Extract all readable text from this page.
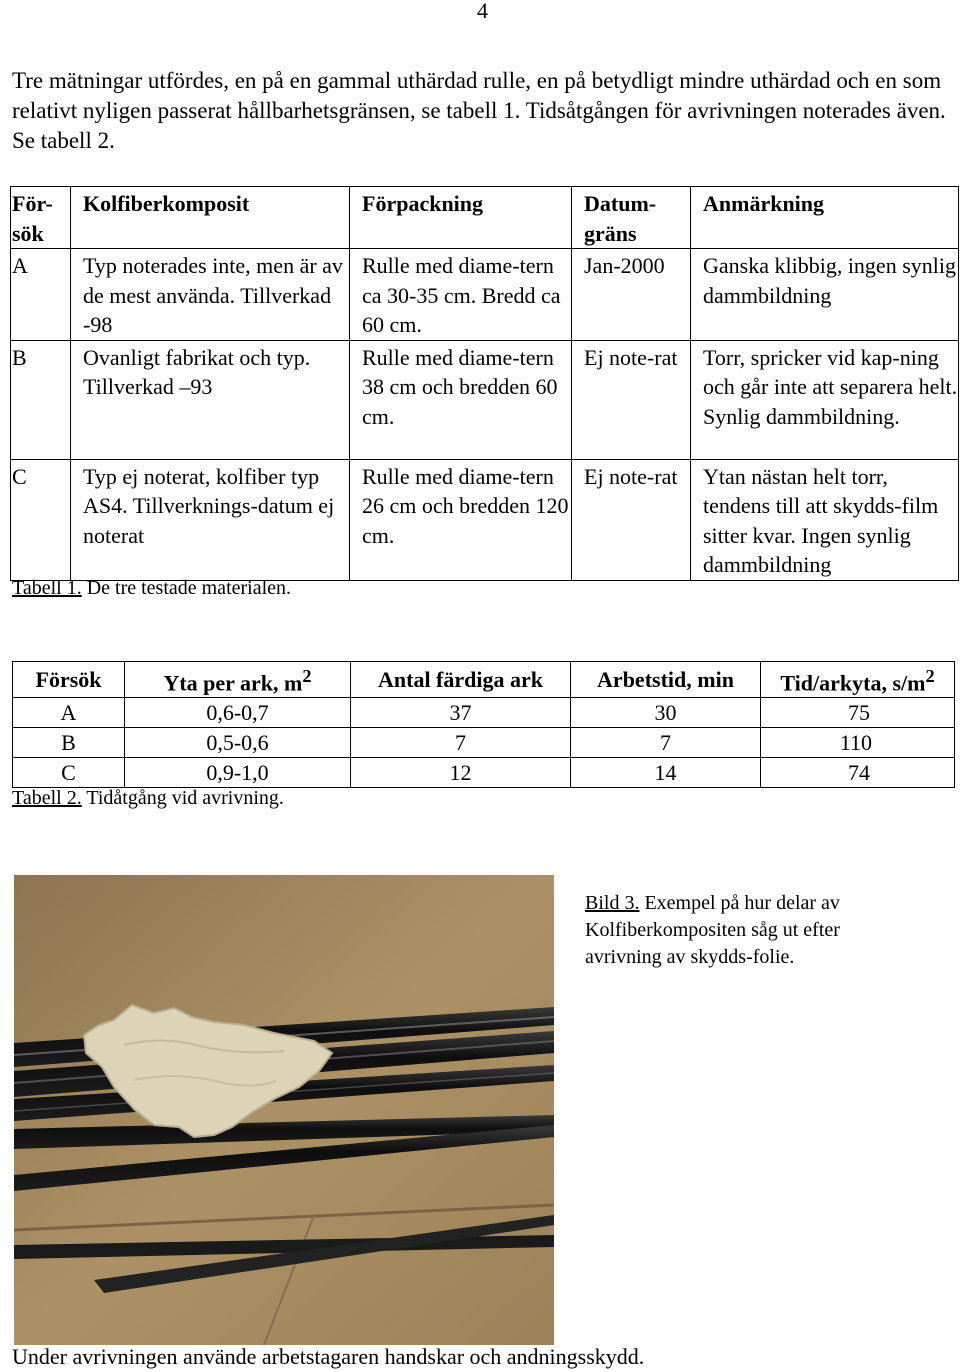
4

Tre mätningar utfördes, en på en gammal uthärdad rulle, en på betydligt mindre uthärdad och en som relativt nyligen passerat hållbarhetsgränsen, se tabell 1. Tidsåtgången för avrivningen noterades även. Se tabell 2.

För-sök	Kolfiberkomposit	Förpackning	Datum-gräns	Anmärkning
A	Typ noterades inte, men är av de mest använda. Tillverkad -98	Rulle med diame-tern ca 30-35 cm. Bredd ca 60 cm.	Jan-2000	Ganska klibbig, ingen synlig dammbildning
B	Ovanligt fabrikat och typ. Tillverkad –93	Rulle med diame-tern 38 cm och bredden 60 cm.	Ej note-rat	Torr, spricker vid kap-ning och går inte att separera helt. Synlig dammbildning.
C	Typ ej noterat, kolfiber typ AS4. Tillverknings-datum ej noterat	Rulle med diame-tern 26 cm och bredden 120 cm.	Ej note-rat	Ytan nästan helt torr, tendens till att skydds-film sitter kvar. Ingen synlig dammbildning
Tabell 1. De tre testade materialen.
Försök	Yta per ark, $m^2$	Antal färdiga ark	Arbetstid, min	Tid/arkyta, $s/m^2$
A	0,6-0,7	37	30	75
B	0,5-0,6	7	7	110
C	0,9-1,0	12	14	74
Tabell 2. Tidåtgång vid avrivning.
Bild 3. Exempel på hur delar av Kolfiberkompositen såg ut efter avrivning av skydds-folie.
Under avrivningen använde arbetstagaren handskar och andningsskydd.
